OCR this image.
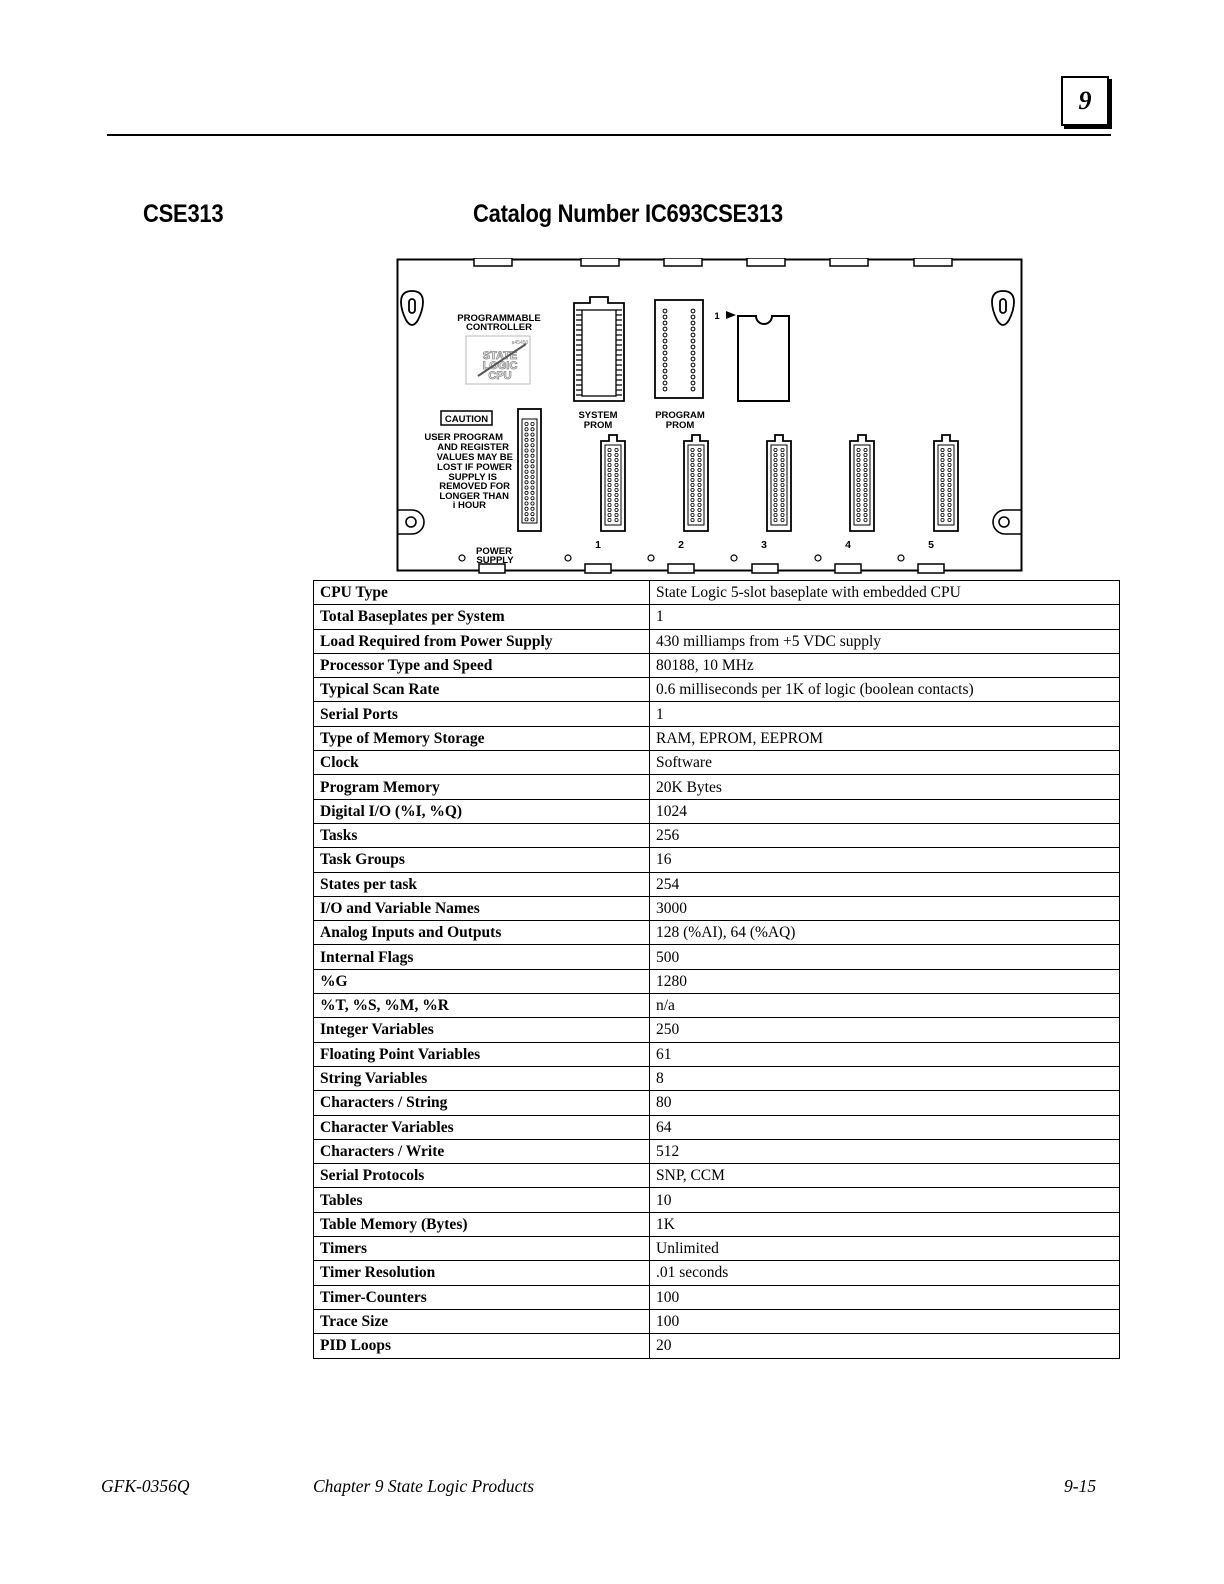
9
CSE313	Catalog Number IC693CSE313
PROGRAMMABLE
CONTROLLER
a45450
STATE
LOGIC
CPU
CAUTION
USER PROGRAM
AND REGISTER
VALUES MAY BE
LOST IF POWER
SUPPLY IS
REMOVED FOR
LONGER THAN
i HOUR
SYSTEM
PROM
PROGRAM
PROM
1
POWER
SUPPLY
1	2	3	4	5
CPU Type	State Logic 5-slot baseplate with embedded CPU
Total Baseplates per System	1
Load Required from Power Supply	430 milliamps from +5 VDC supply
Processor Type and Speed	80188, 10 MHz
Typical Scan Rate	0.6 milliseconds per 1K of logic (boolean contacts)
Serial Ports	1
Type of Memory Storage	RAM, EPROM, EEPROM
Clock	Software
Program Memory	20K Bytes
Digital I/O (%I, %Q)	1024
Tasks	256
Task Groups	16
States per task	254
I/O and Variable Names	3000
Analog Inputs and Outputs	128 (%AI), 64 (%AQ)
Internal Flags	500
%G	1280
%T, %S, %M, %R	n/a
Integer Variables	250
Floating Point Variables	61
String Variables	8
Characters / String	80
Character Variables	64
Characters / Write	512
Serial Protocols	SNP, CCM
Tables	10
Table Memory (Bytes)	1K
Timers	Unlimited
Timer Resolution	.01 seconds
Timer-Counters	100
Trace Size	100
PID Loops	20
GFK-0356Q	Chapter 9 State Logic Products	9-15
